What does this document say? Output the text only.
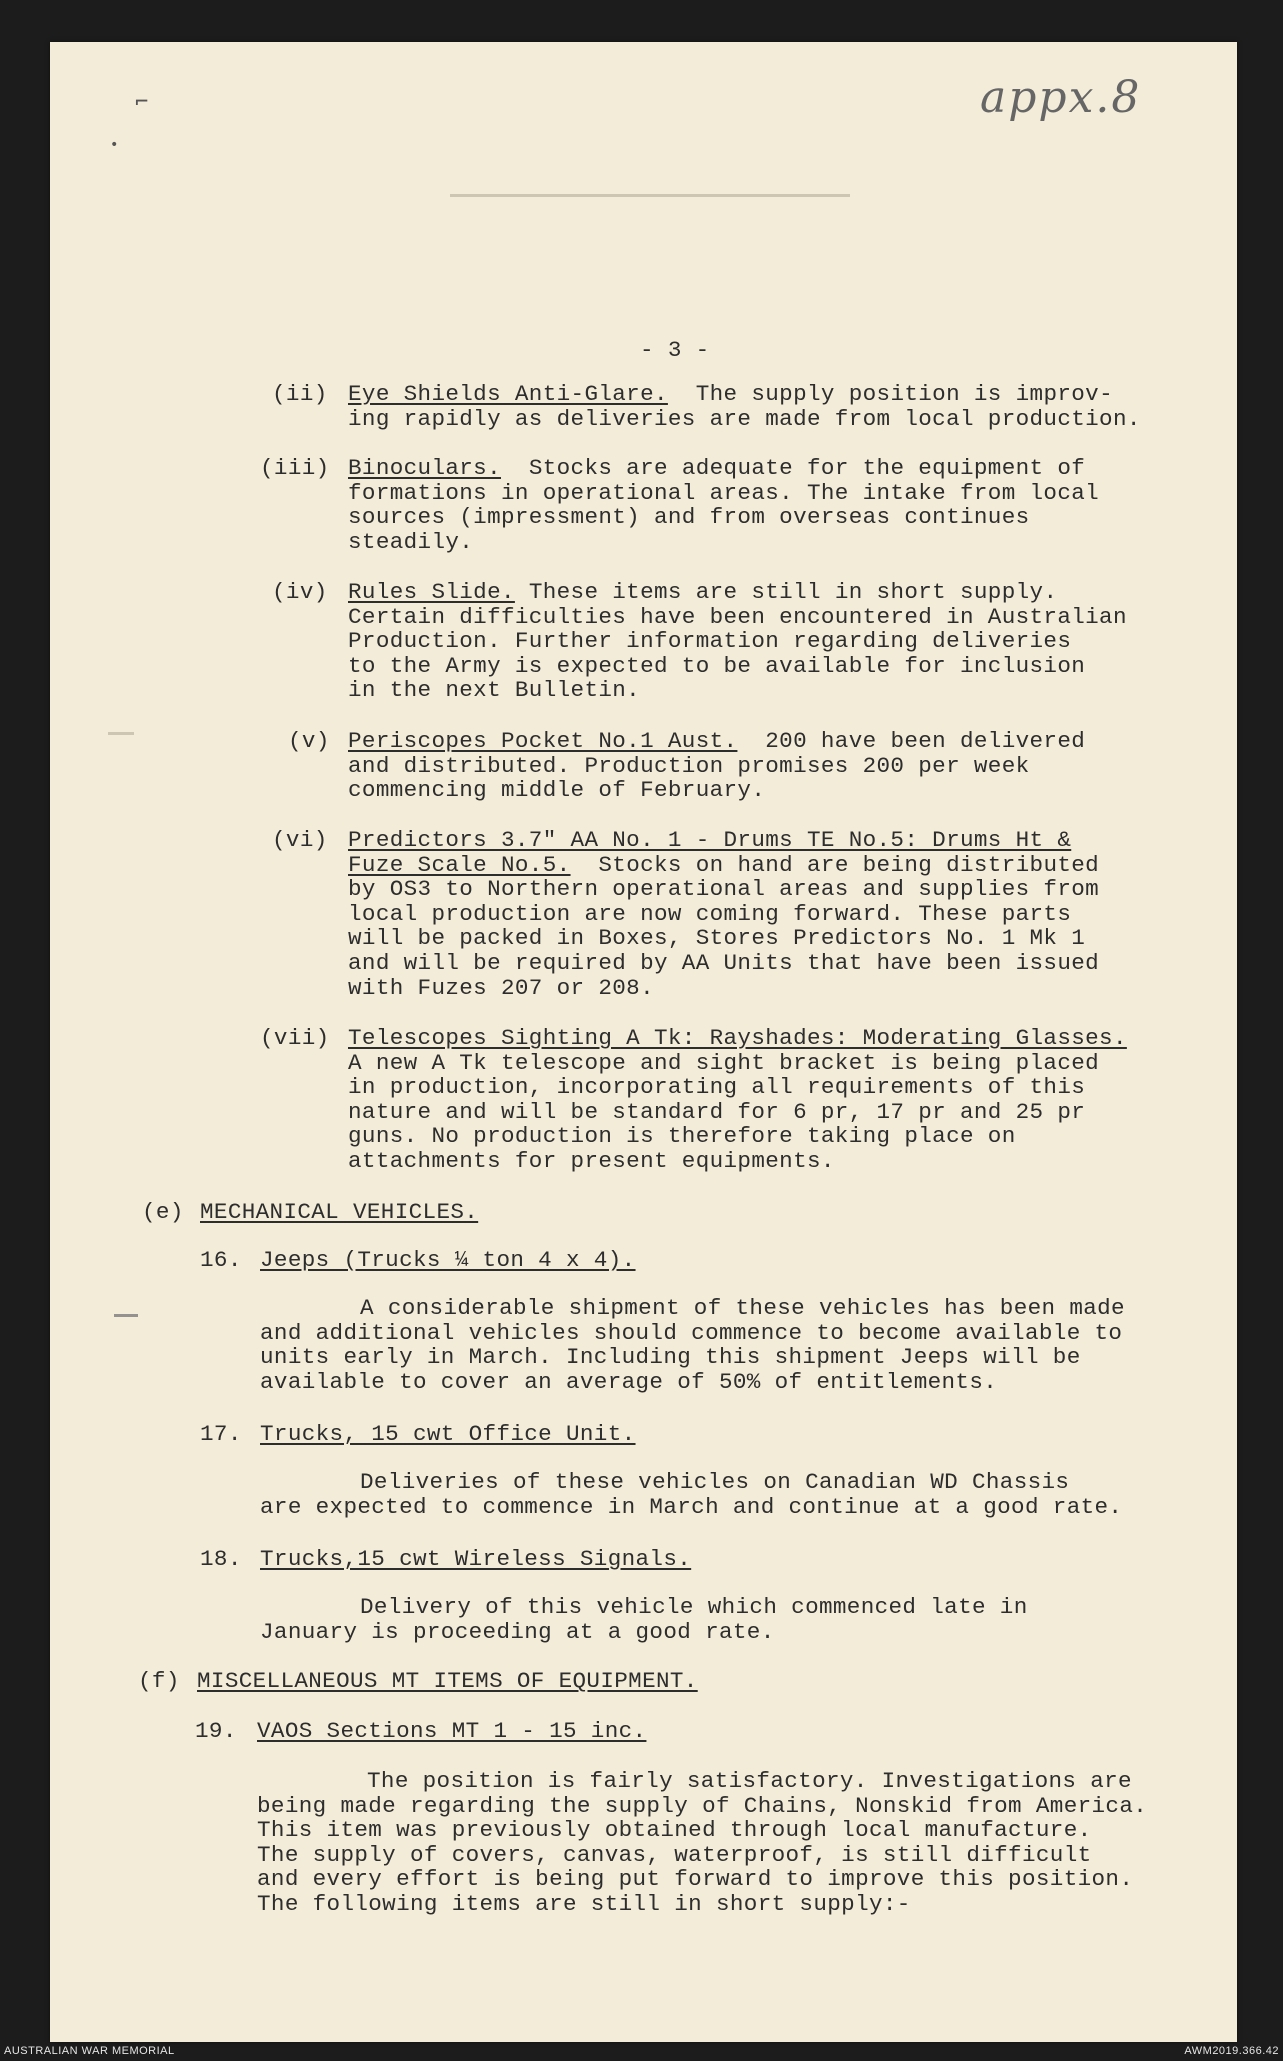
appx.8
⌐
•
- 3 -
(ii) Eye Shields Anti-Glare. The supply position is improv-

ing rapidly as deliveries are made from local production.

(iii) Binoculars. Stocks are adequate for the equipment of

formations in operational areas. The intake from local

sources (impressment) and from overseas continues

steadily.

(iv) Rules Slide. These items are still in short supply.

Certain difficulties have been encountered in Australian

Production. Further information regarding deliveries

to the Army is expected to be available for inclusion

in the next Bulletin.

(v) Periscopes Pocket No.1 Aust. 200 have been delivered

and distributed. Production promises 200 per week

commencing middle of February.

(vi) Predictors 3.7" AA No. 1 - Drums TE No.5: Drums Ht &

Fuze Scale No.5. Stocks on hand are being distributed

by OS3 to Northern operational areas and supplies from

local production are now coming forward. These parts

will be packed in Boxes, Stores Predictors No. 1 Mk 1

and will be required by AA Units that have been issued

with Fuzes 207 or 208.

(vii) Telescopes Sighting A Tk: Rayshades: Moderating Glasses.

A new A Tk telescope and sight bracket is being placed

in production, incorporating all requirements of this

nature and will be standard for 6 pr, 17 pr and 25 pr

guns. No production is therefore taking place on

attachments for present equipments.

(e) MECHANICAL VEHICLES.
16. Jeeps (Trucks ¼ ton 4 x 4).

A considerable shipment of these vehicles has been made

and additional vehicles should commence to become available to

units early in March. Including this shipment Jeeps will be

available to cover an average of 50% of entitlements.

17. Trucks, 15 cwt Office Unit.

Deliveries of these vehicles on Canadian WD Chassis

are expected to commence in March and continue at a good rate.

18. Trucks,15 cwt Wireless Signals.

Delivery of this vehicle which commenced late in

January is proceeding at a good rate.

(f) MISCELLANEOUS MT ITEMS OF EQUIPMENT.
19. VAOS Sections MT 1 - 15 inc.

The position is fairly satisfactory. Investigations are

being made regarding the supply of Chains, Nonskid from America.

This item was previously obtained through local manufacture.

The supply of covers, canvas, waterproof, is still difficult

and every effort is being put forward to improve this position.

The following items are still in short supply:-

AUSTRALIAN WAR MEMORIAL	AWM2019.366.42
